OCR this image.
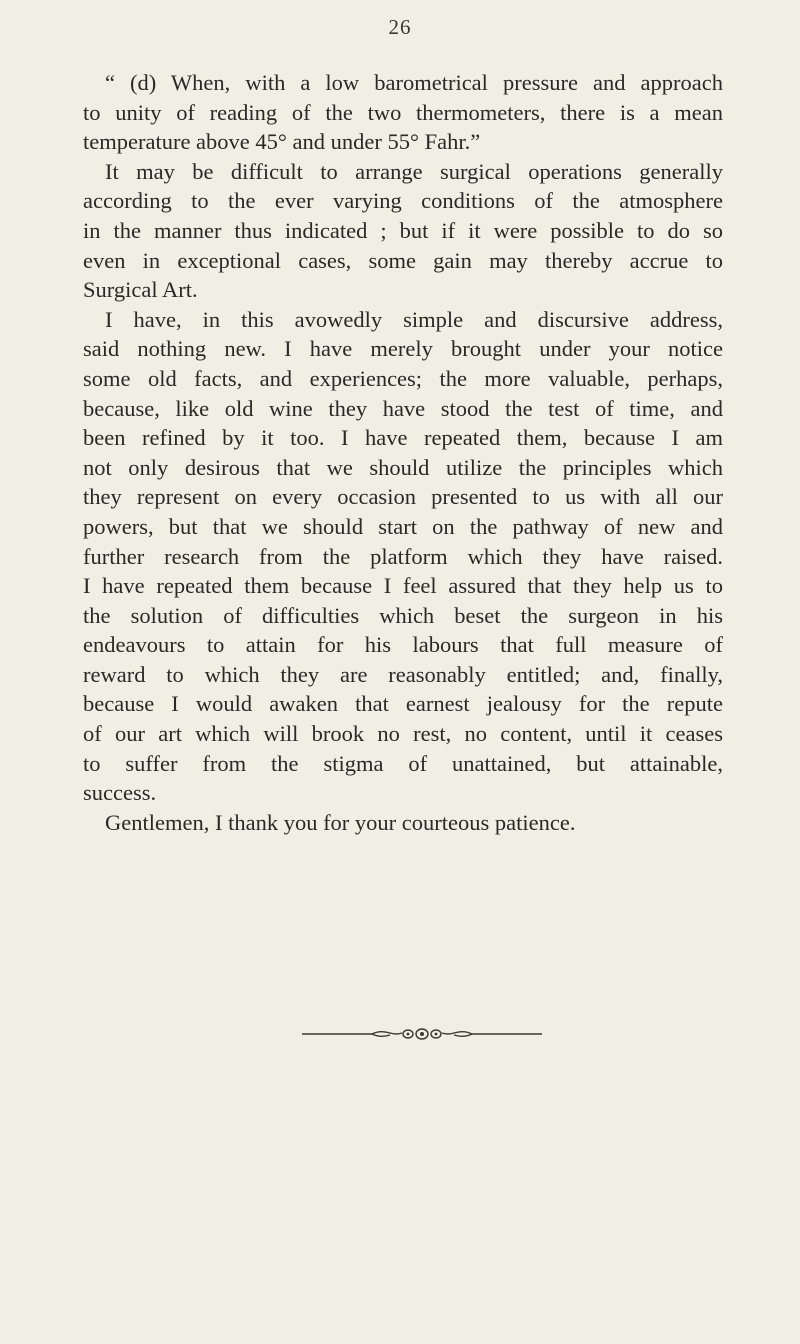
26
“ (d) When, with a low barometrical pressure and approach
to unity of reading of the two thermometers, there is a mean
temperature above 45° and under 55° Fahr.”
It may be difficult to arrange surgical operations generally
according to the ever varying conditions of the atmosphere
in the manner thus indicated ; but if it were possible to do so
even in exceptional cases, some gain may thereby accrue to
Surgical Art.
I have, in this avowedly simple and discursive address,
said nothing new. I have merely brought under your notice
some old facts, and experiences; the more valuable, perhaps,
because, like old wine they have stood the test of time, and
been refined by it too. I have repeated them, because I am
not only desirous that we should utilize the principles which
they represent on every occasion presented to us with all our
powers, but that we should start on the pathway of new and
further research from the platform which they have raised.
I have repeated them because I feel assured that they help us to
the solution of difficulties which beset the surgeon in his
endeavours to attain for his labours that full measure of
reward to which they are reasonably entitled; and, finally,
because I would awaken that earnest jealousy for the repute
of our art which will brook no rest, no content, until it ceases
to suffer from the stigma of unattained, but attainable,
success.
Gentlemen, I thank you for your courteous patience.
